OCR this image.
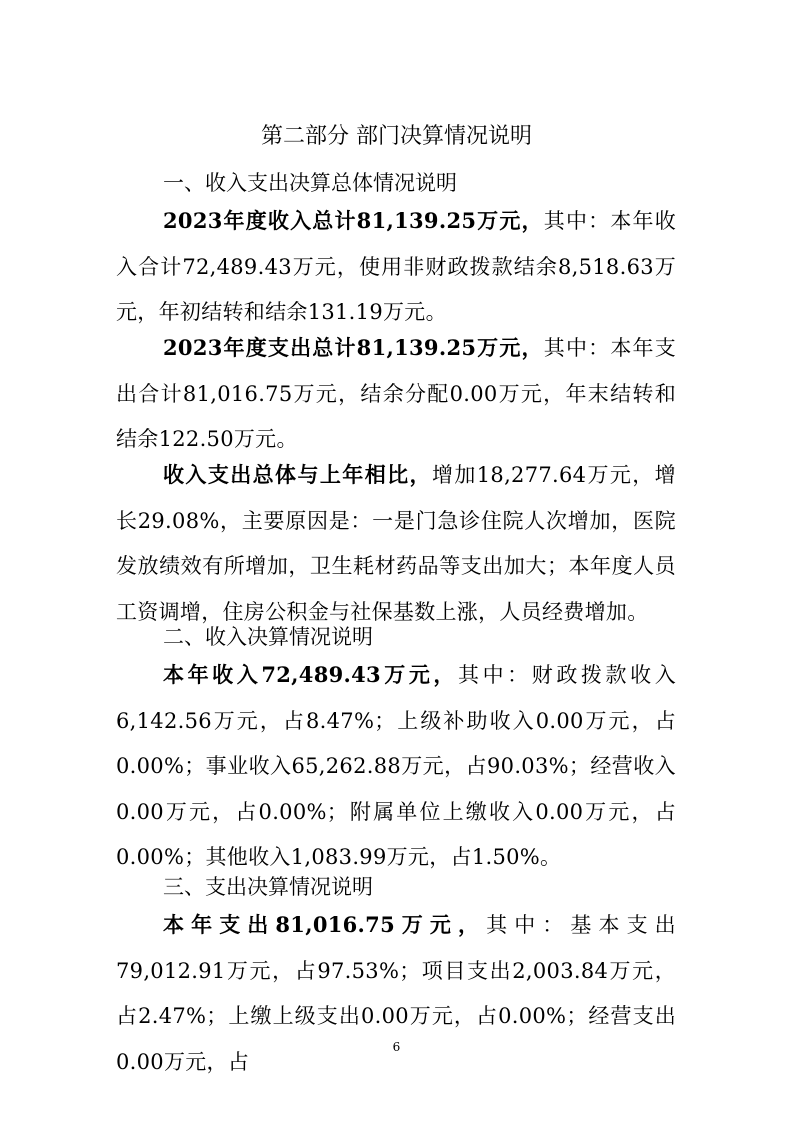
第二部分 部门决算情况说明
一、收入支出决算总体情况说明

2023年度收入总计81,139.25万元，其中：本年收入合计72,489.43万元，使用非财政拨款结余8,518.63万元，年初结转和结余131.19万元。

2023年度支出总计81,139.25万元，其中：本年支出合计81,016.75万元，结余分配0.00万元，年末结转和结余122.50万元。

收入支出总体与上年相比，增加18,277.64万元，增长29.08%，主要原因是：一是门急诊住院人次增加，医院发放绩效有所增加，卫生耗材药品等支出加大；本年度人员工资调增，住房公积金与社保基数上涨，人员经费增加。

二、收入决算情况说明

本年收入72,489.43万元，其中：财政拨款收入6,142.56万元，占8.47%；上级补助收入0.00万元，占0.00%；事业收入65,262.88万元，占90.03%；经营收入0.00万元，占0.00%；附属单位上缴收入0.00万元，占0.00%；其他收入1,083.99万元，占1.50%。

三、支出决算情况说明

本年支出81,016.75万元，其中：基本支出79,012.91万元，占97.53%；项目支出2,003.84万元，占2.47%；上缴上级支出0.00万元，占0.00%；经营支出0.00万元，占

6
